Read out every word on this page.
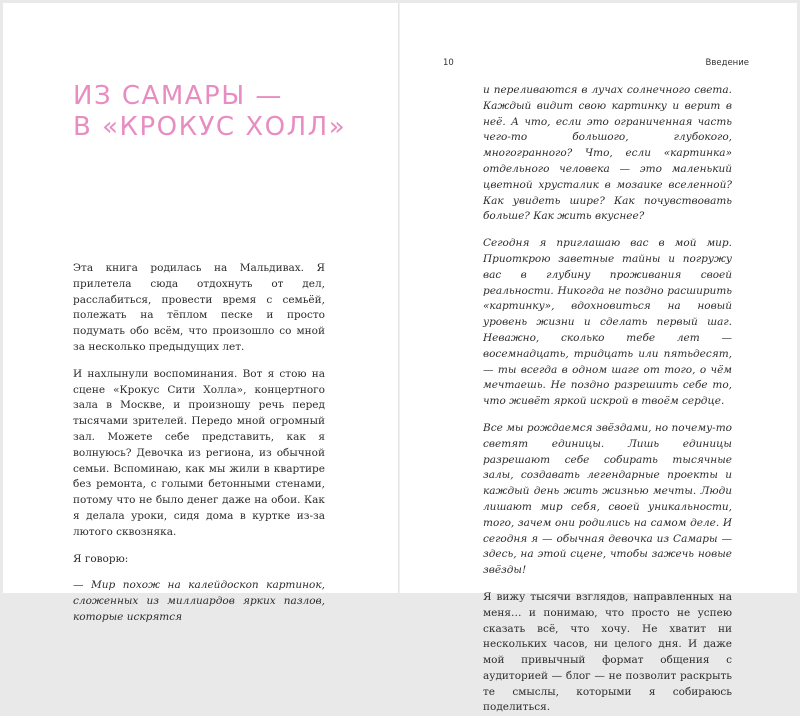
ИЗ САМАРЫ —
В «КРОКУС ХОЛЛ»

Эта книга родилась на Мальдивах. Я прилетела сюда отдохнуть от дел, расслабиться, провести время с семьёй, полежать на тёплом песке и просто подумать обо всём, что произошло со мной за несколько предыдущих лет.

И нахлынули воспоминания. Вот я стою на сцене «Крокус Сити Холла», концертного зала в Москве, и произношу речь перед тысячами зрителей. Передо мной огромный зал. Можете себе представить, как я волнуюсь? Девочка из региона, из обычной семьи. Вспоминаю, как мы жили в квартире без ремонта, с голыми бетонными стенами, потому что не было денег даже на обои. Как я делала уроки, сидя дома в куртке из-за лютого сквозняка.

Я говорю:

— Мир похож на калейдоскоп картинок, сложенных из миллиардов ярких пазлов, которые искрятся

10	Введение

и переливаются в лучах солнечного света. Каждый видит свою картинку и верит в неё. А что, если это ограниченная часть чего-то большого, глубокого, многогранного? Что, если «картинка» отдельного человека — это маленький цветной хрусталик в мозаике вселенной? Как увидеть шире? Как почувствовать больше? Как жить вкуснее?

Сегодня я приглашаю вас в мой мир. Приоткрою заветные тайны и погружу вас в глубину проживания своей реальности. Никогда не поздно расширить «картинку», вдохновиться на новый уровень жизни и сделать первый шаг. Неважно, сколько тебе лет — восемнадцать, тридцать или пятьдесят, — ты всегда в одном шаге от того, о чём мечтаешь. Не поздно разрешить себе то, что живёт яркой искрой в твоём сердце.

Все мы рождаемся звёздами, но почему-то светят единицы. Лишь единицы разрешают себе собирать тысячные залы, создавать легендарные проекты и каждый день жить жизнью мечты. Люди лишают мир себя, своей уникальности, того, зачем они родились на самом деле. И сегодня я — обычная девочка из Самары — здесь, на этой сцене, чтобы зажечь новые звёзды!

Я вижу тысячи взглядов, направленных на меня… и понимаю, что просто не успею сказать всё, что хочу. Не хватит ни нескольких часов, ни целого дня. И даже мой привычный формат общения с аудиторией — блог — не позволит раскрыть те смыслы, которыми я собираюсь поделиться.
